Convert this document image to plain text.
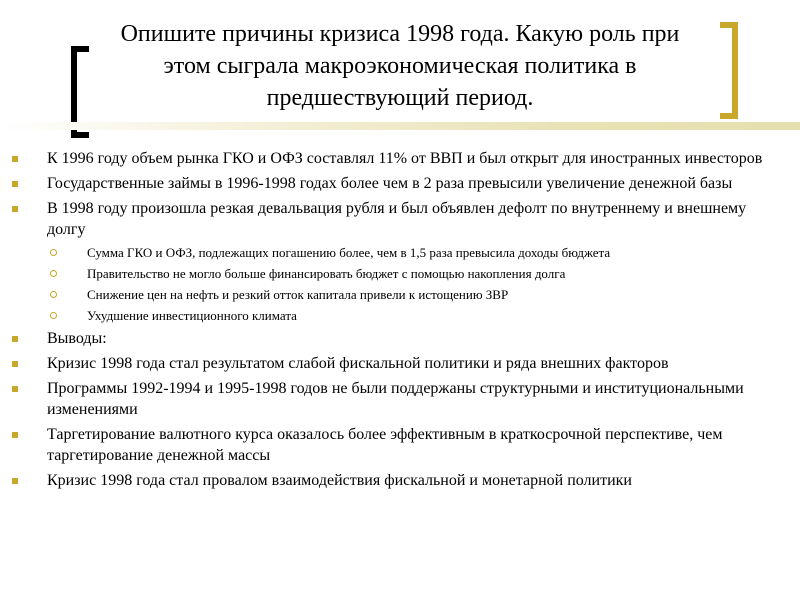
Опишите причины кризиса 1998 года. Какую роль при этом сыграла макроэкономическая политика в предшествующий период.

К 1996 году объем рынка ГКО и ОФЗ составлял 11% от ВВП и был открыт для иностранных инвесторов

Государственные займы в 1996-1998 годах более чем в 2 раза превысили увеличение денежной базы

В 1998 году произошла резкая девальвация рубля и был объявлен дефолт по внутреннему и внешнему долгу

Сумма ГКО и ОФЗ, подлежащих погашению более, чем в 1,5 раза превысила доходы бюджета

Правительство не могло больше финансировать бюджет с помощью накопления долга

Снижение цен на нефть и резкий отток капитала привели к истощению ЗВР

Ухудшение инвестиционного климата

Выводы:

Кризис 1998 года стал результатом слабой фискальной политики и ряда внешних факторов

Программы 1992-1994 и 1995-1998 годов не были поддержаны структурными и институциональными изменениями

Таргетирование валютного курса оказалось более эффективным в краткосрочной перспективе, чем таргетирование денежной массы

Кризис 1998 года стал провалом взаимодействия фискальной и монетарной политики
